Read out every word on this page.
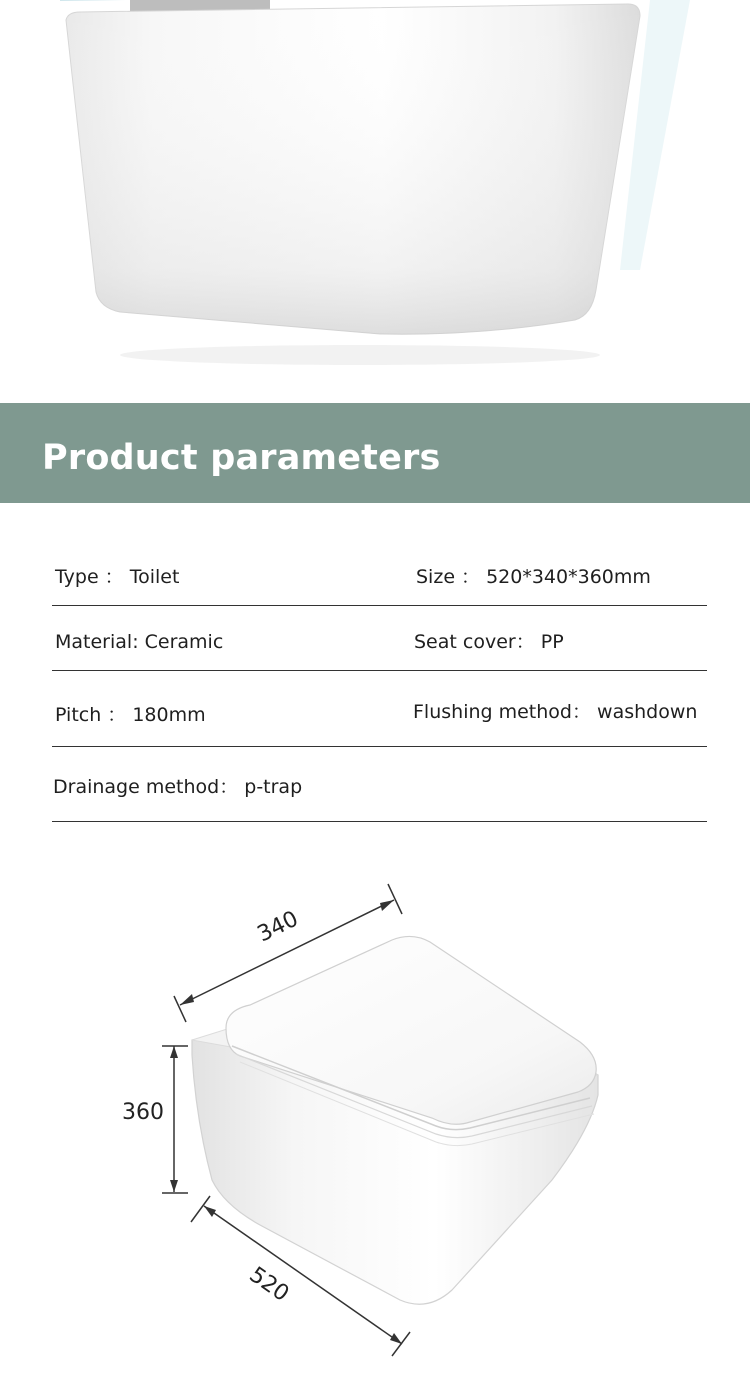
Product parameters
Type ： Toilet	Size ： 520*340*360mm
Material: Ceramic	Seat cover： PP
Pitch ： 180mm	Flushing method： washdown
Drainage method： p-trap
340
360
520
